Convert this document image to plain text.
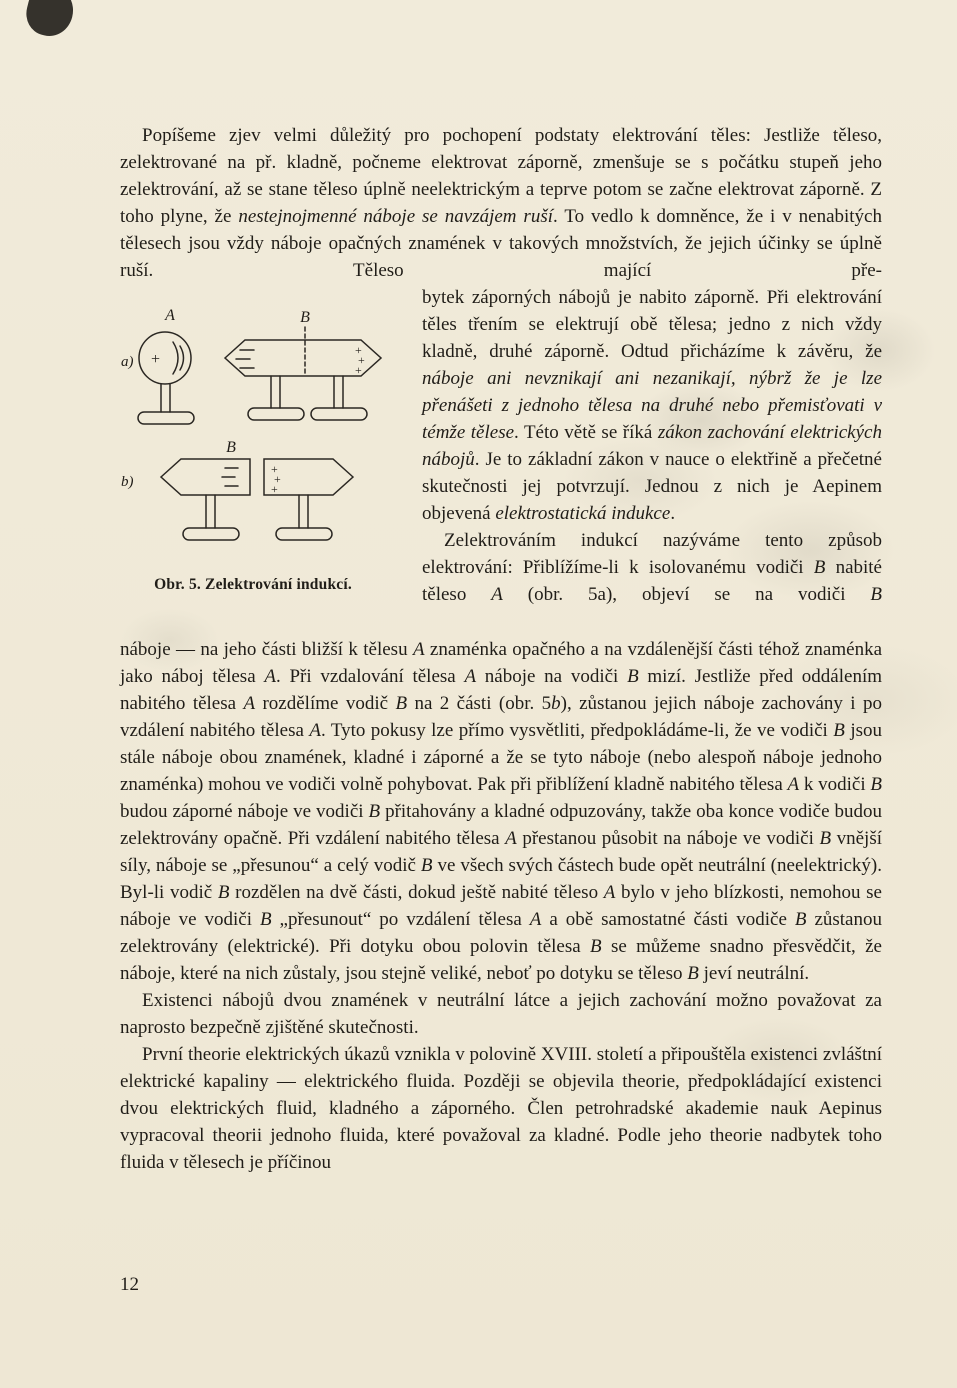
Popíšeme zjev velmi důležitý pro pochopení podstaty elektrování těles: Jestliže těleso, zelektrované na př. kladně, počneme elektrovat záporně, zmenšuje se s počátku stupeň jeho zelektrování, až se stane těleso úplně neelektrickým a teprve potom se začne elektrovat záporně. Z toho plyne, že nestejnojmenné náboje se navzájem ruší. To vedlo k domněnce, že i v nenabitých tělesech jsou vždy náboje opačných znamének v takových množstvích, že jejich účinky se úplně ruší. Těleso mající pře-
bytek záporných nábojů je nabito záporně. Při elektrování těles třením se elektrují obě tělesa; jedno z nich vždy kladně, druhé záporně. Odtud přicházíme k závěru, že náboje ani nevznikají ani nezanikají, nýbrž že je lze přenášeti z jednoho tělesa na druhé nebo přemisťovati v témže tělese. Této větě se říká zákon zachování elektrických nábojů. Je to základní zákon v nauce o elektřině a přečetné skutečnosti jej potvrzují. Jednou z nich je Aepinem objevená elektrostatická indukce.
Zelektrováním indukcí nazýváme tento způsob elektrování: Přiblížíme-li k isolovanému vodiči B nabité těleso A (obr. 5a), objeví se na vodiči B
náboje — na jeho části bližší k tělesu A znaménka opačného a na vzdálenější části téhož znaménka jako náboj tělesa A. Při vzdalování tělesa A náboje na vodiči B mizí. Jestliže před oddálením nabitého tělesa A rozdělíme vodič B na 2 části (obr. 5b), zůstanou jejich náboje zachovány i po vzdálení nabitého tělesa A. Tyto pokusy lze přímo vysvětliti, předpokládáme-li, že ve vodiči B jsou stále náboje obou znamének, kladné i záporné a že se tyto náboje (nebo alespoň náboje jednoho znaménka) mohou ve vodiči volně pohybovat. Pak při přiblížení kladně nabitého tělesa A k vodiči B budou záporné náboje ve vodiči B přitahovány a kladné odpuzovány, takže oba konce vodiče budou zelektrovány opačně. Při vzdálení nabitého tělesa A přestanou působit na náboje ve vodiči B vnější síly, náboje se „přesunou“ a celý vodič B ve všech svých částech bude opět neutrální (neelektrický). Byl-li vodič B rozdělen na dvě části, dokud ještě nabité těleso A bylo v jeho blízkosti, nemohou se náboje ve vodiči B „přesunout“ po vzdálení tělesa A a obě samostatné části vodiče B zůstanou zelektrovány (elektrické). Při dotyku obou polovin tělesa B se můžeme snadno přesvědčit, že náboje, které na nich zůstaly, jsou stejně veliké, neboť po dotyku se těleso B jeví neutrální.
Existenci nábojů dvou znamének v neutrální látce a jejich zachování možno považovat za naprosto bezpečně zjištěné skutečnosti.
První theorie elektrických úkazů vznikla v polovině XVIII. století a připouštěla existenci zvláštní elektrické kapaliny — elektrického fluida. Později se objevila theorie, předpokládající existenci dvou elektrických fluid, kladného a záporného. Člen petrohradské akademie nauk Aepinus vypracoval theorii jednoho fluida, které považoval za kladné. Podle jeho theorie nadbytek toho fluida v tělesech je příčinou
A	B
a)
B
b)
+
+
+
+
+
+
+
Obr. 5. Zelektrování indukcí.
12
